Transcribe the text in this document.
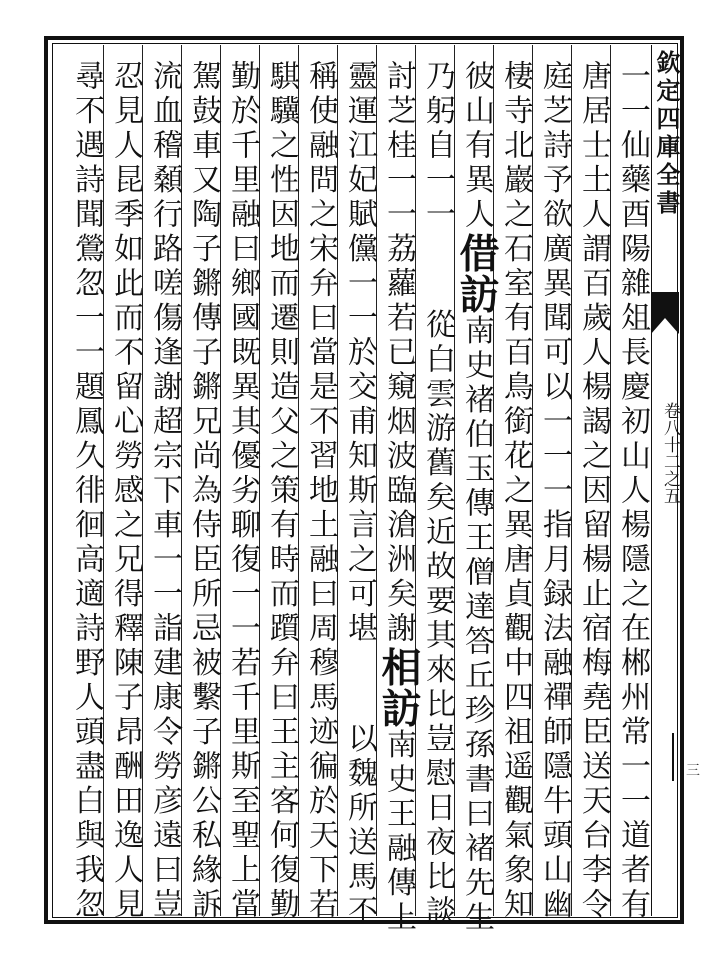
欽定四庫全書
卷八十二之五
三
一一仙藥酉陽雜俎長慶初山人楊隱之在郴州常一一道者有
唐居士土人謂百歲人楊謁之因留楊止宿梅堯臣送天台李令
庭芝詩予欲廣異聞可以一一一指月録法融禪師隱牛頭山幽
棲寺北巖之石室有百鳥銜花之異唐貞觀中四祖遥觀氣象知
彼山有異人借訪南史褚伯玉傳王僧達答丘珍孫書曰褚先生
乃躬自一一從白雲游舊矣近故要其來比豈慰日夜比談
討芝桂一一荔蘿若已窺烟波臨滄洲矣謝相訪南史王融傳上
靈運江妃賦儻一一於交甫知斯言之可堪以魏所送馬不
稱使融問之宋弁曰當是不習地土融曰周穆馬迹徧於天下若
騏驥之性因地而遷則造父之策有時而躓弁曰王主客何復勤
勤於千里融曰鄉國既異其優劣聊復一一若千里斯至聖上當
駕鼓車又陶子鏘傳子鏘兄尚為侍臣所忌被繫子鏘公私緣訴
流血稽顙行路嗟傷逢謝超宗下車一一詣建康令勞彦遠曰豈
忍見人昆季如此而不留心勞感之兄得釋陳子昂酬田逸人見
尋不遇詩聞鶯忽一一題鳳久徘徊高適詩野人頭盡白與我忽
